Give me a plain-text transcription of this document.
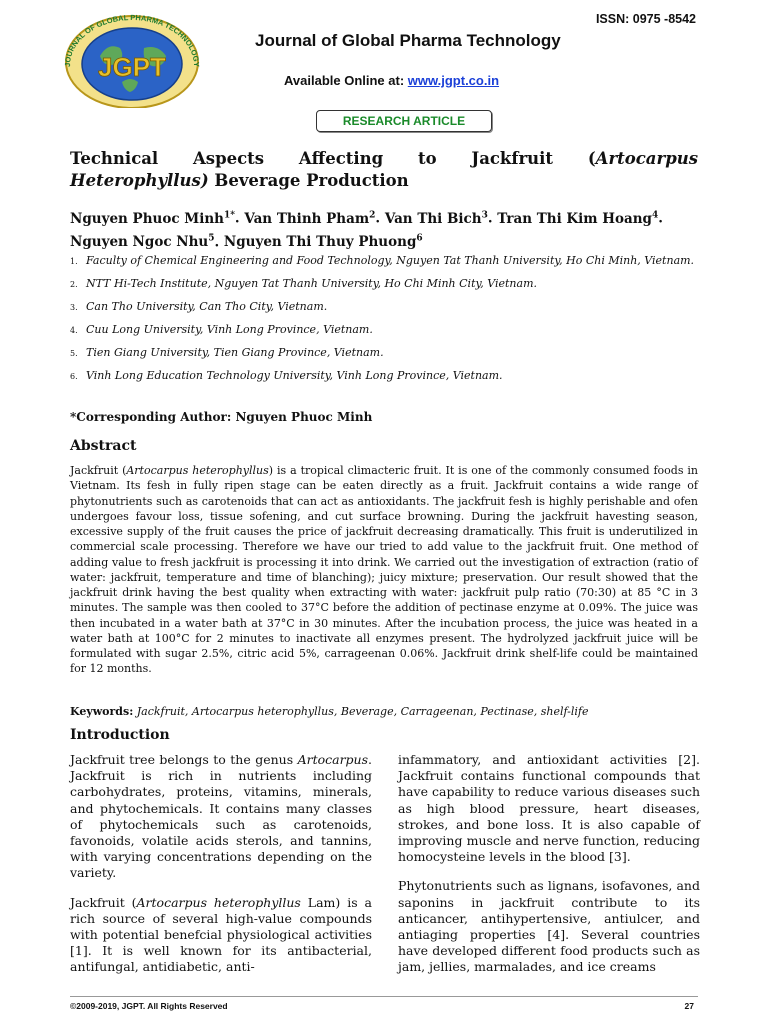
JGPT
JOURNAL OF GLOBAL PHARMA TECHNOLOGY
ISSN: 0975 -8542
Journal of Global Pharma Technology
Available Online at: www.jgpt.co.in
RESEARCH ARTICLE
Technical Aspects Affecting to Jackfruit (Artocarpus
Heterophyllus) Beverage Production
Nguyen Phuoc Minh$^{1*}$. Van Thinh Pham$^2$. Van Thi Bich$^3$. Tran Thi Kim Hoang$^4$. Nguyen Ngoc Nhu$^5$. Nguyen Thi Thuy Phuong$^6$
1. Faculty of Chemical Engineering and Food Technology, Nguyen Tat Thanh University, Ho Chi Minh, Vietnam.
2. NTT Hi-Tech Institute, Nguyen Tat Thanh University, Ho Chi Minh City, Vietnam.
3. Can Tho University, Can Tho City, Vietnam.
4. Cuu Long University, Vinh Long Province, Vietnam.
5. Tien Giang University, Tien Giang Province, Vietnam.
6. Vinh Long Education Technology University, Vinh Long Province, Vietnam.
*Corresponding Author: Nguyen Phuoc Minh
Abstract
Jackfruit (Artocarpus heterophyllus) is a tropical climacteric fruit. It is one of the commonly consumed foods in Vietnam. Its fesh in fully ripen stage can be eaten directly as a fruit. Jackfruit contains a wide range of phytonutrients such as carotenoids that can act as antioxidants. The jackfruit fesh is highly perishable and ofen undergoes favour loss, tissue sofening, and cut surface browning. During the jackfruit havesting season, excessive supply of the fruit causes the price of jackfruit decreasing dramatically. This fruit is underutilized in commercial scale processing. Therefore we have our tried to add value to the jackfruit fruit. One method of adding value to fresh jackfruit is processing it into drink. We carried out the investigation of extraction (ratio of water: jackfruit, temperature and time of blanching); juicy mixture; preservation. Our result showed that the jackfruit drink having the best quality when extracting with water: jackfruit pulp ratio (70:30) at 85 °C in 3 minutes. The sample was then cooled to 37°C before the addition of pectinase enzyme at 0.09%. The juice was then incubated in a water bath at 37°C in 30 minutes. After the incubation process, the juice was heated in a water bath at 100°C for 2 minutes to inactivate all enzymes present. The hydrolyzed jackfruit juice will be formulated with sugar 2.5%, citric acid 5%, carrageenan 0.06%. Jackfruit drink shelf-life could be maintained for 12 months.
Keywords: Jackfruit, Artocarpus heterophyllus, Beverage, Carrageenan, Pectinase, shelf-life
Introduction

Jackfruit tree belongs to the genus Artocarpus. Jackfruit is rich in nutrients including carbohydrates, proteins, vitamins, minerals, and phytochemicals. It contains many classes of phytochemicals such as carotenoids, favonoids, volatile acids sterols, and tannins, with varying concentrations depending on the variety.

Jackfruit (Artocarpus heterophyllus Lam) is a rich source of several high-value compounds with potential benefcial physiological activities [1]. It is well known for its antibacterial, antifungal, antidiabetic, anti-

infammatory, and antioxidant activities [2]. Jackfruit contains functional compounds that have capability to reduce various diseases such as high blood pressure, heart diseases, strokes, and bone loss. It is also capable of improving muscle and nerve function, reducing homocysteine levels in the blood [3].

Phytonutrients such as lignans, isofavones, and saponins in jackfruit contribute to its anticancer, antihypertensive, antiulcer, and antiaging properties [4]. Several countries have developed different food products such as jam, jellies, marmalades, and ice creams

©2009-2019, JGPT. All Rights Reserved	27
